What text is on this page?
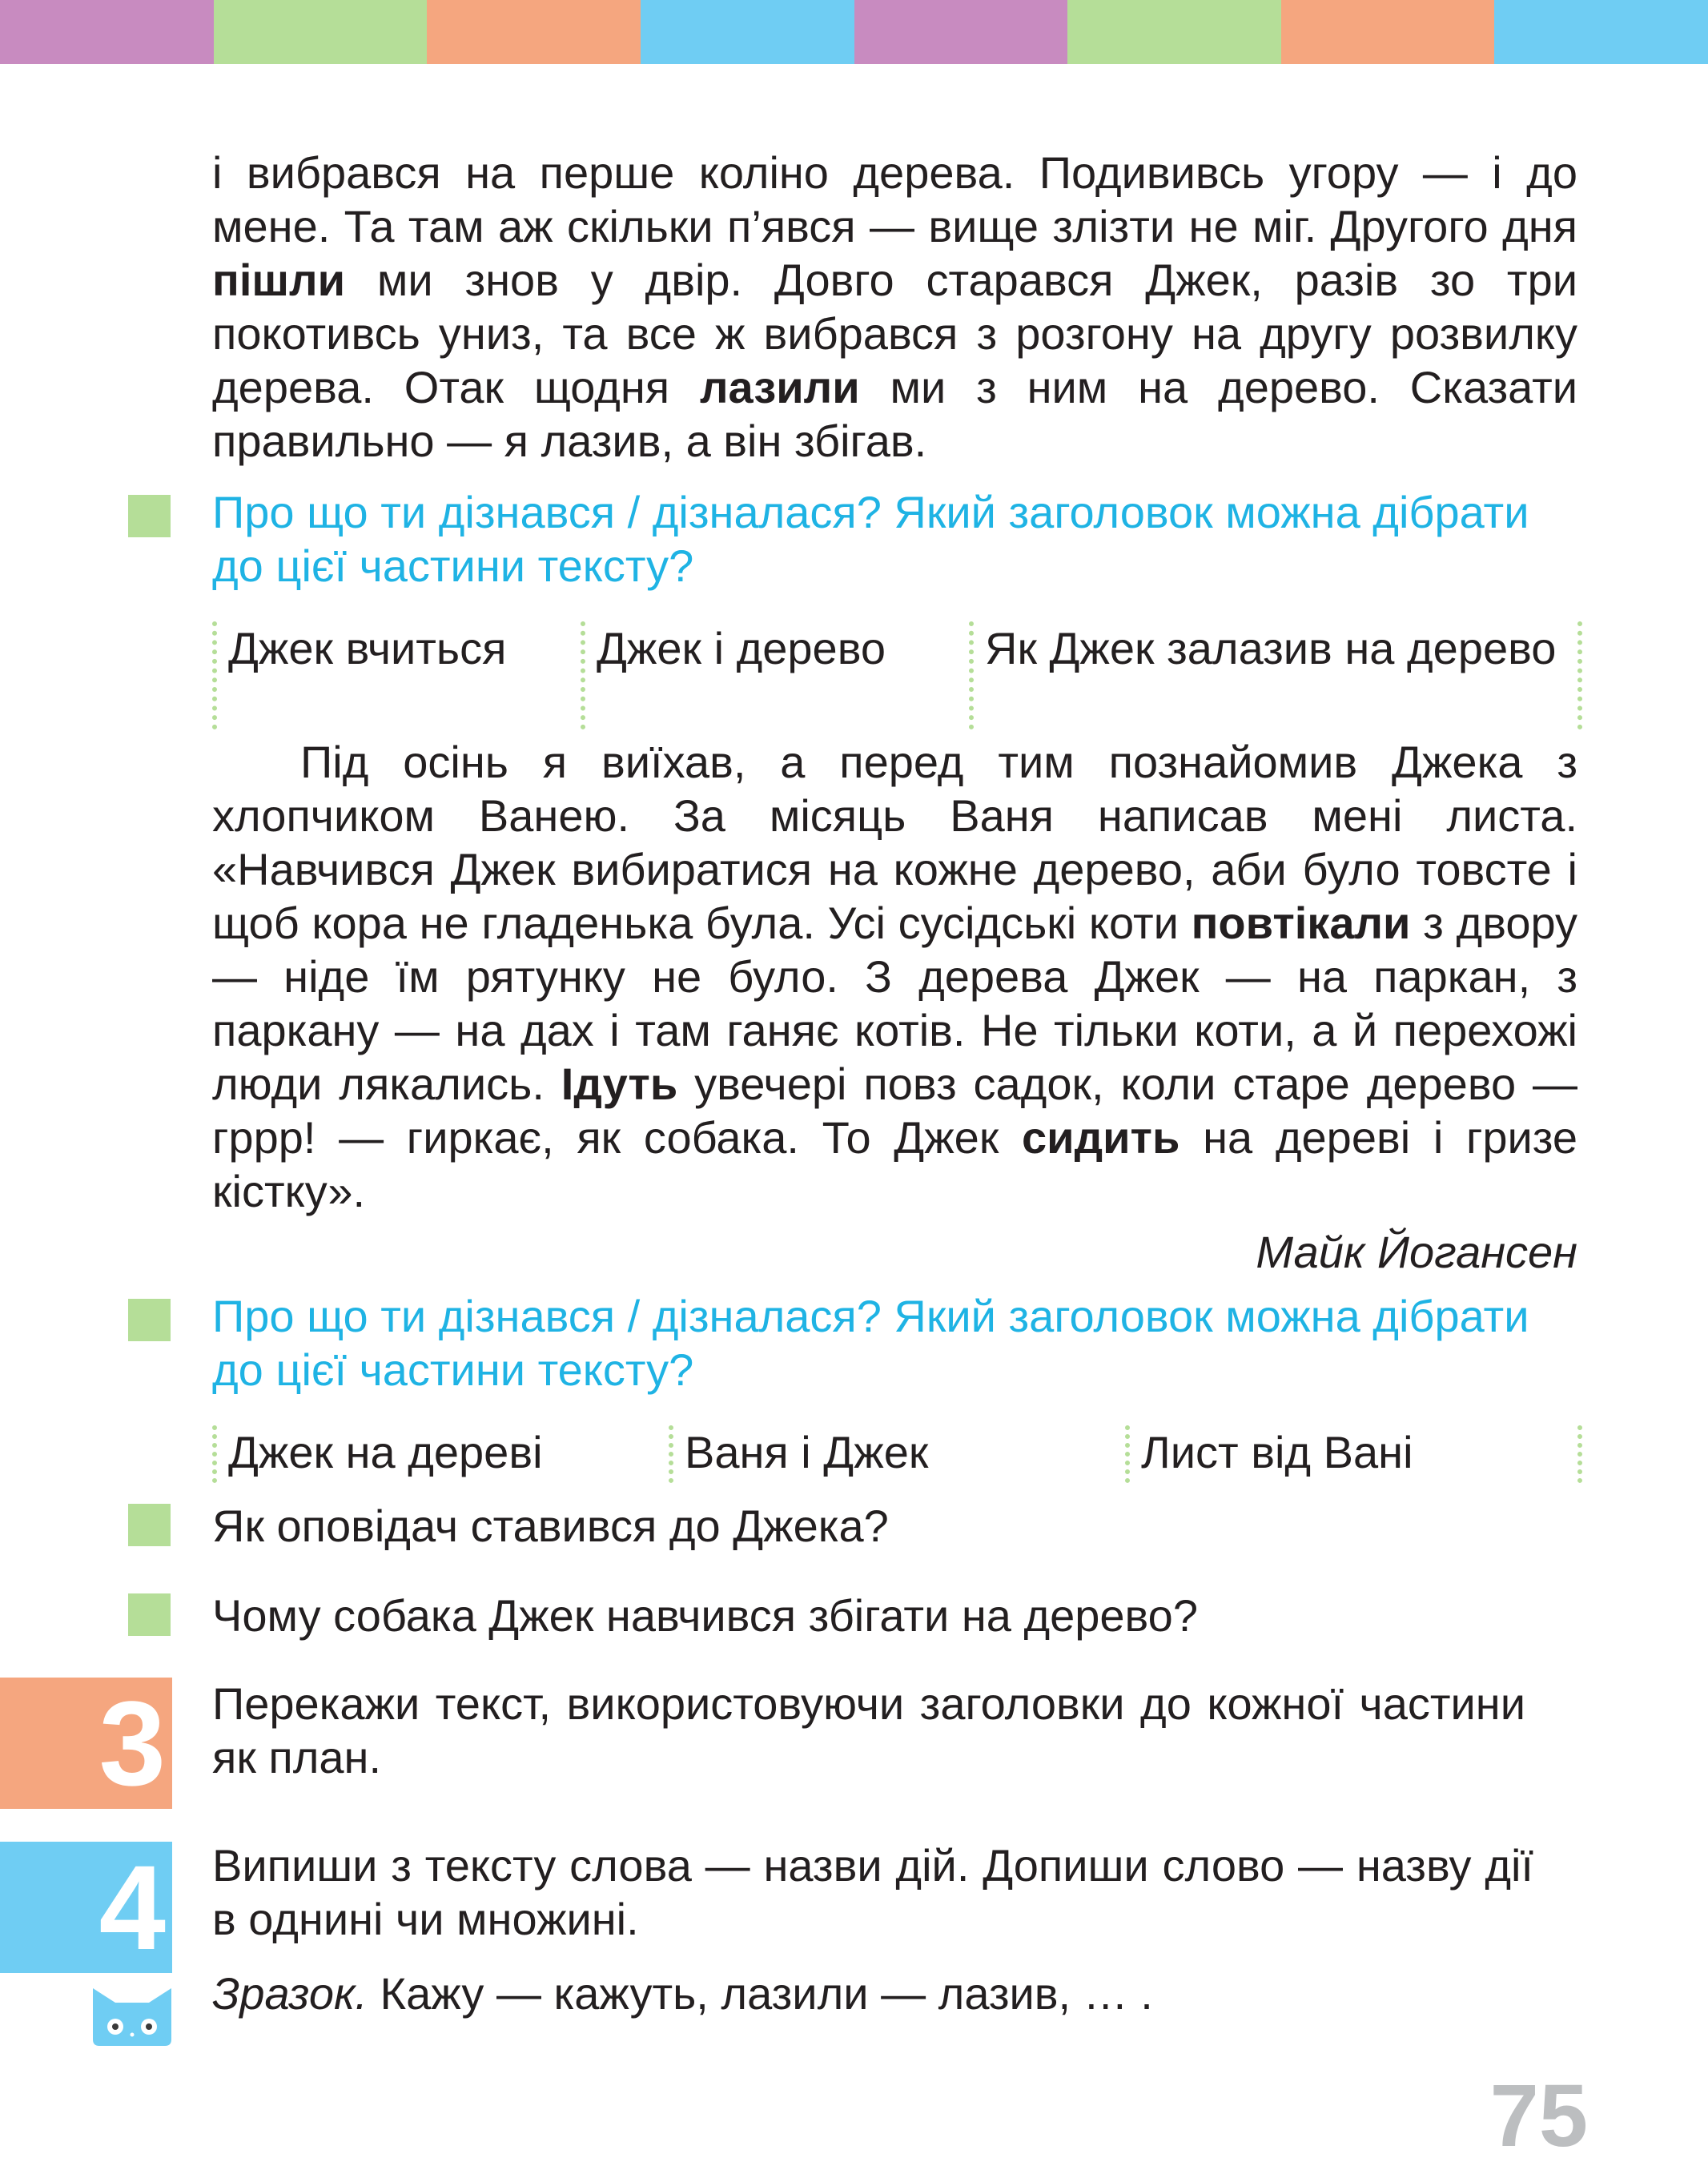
і вибрався на перше коліно дерева. Подививсь угору — і до мене. Та там аж скільки п’явся — вище злізти не міг. Другого дня пішли ми знов у двір. Довго старався Джек, разів зо три покотивсь униз, та все ж вибрався з розгону на другу розвилку дерева. Отак щодня лазили ми з ним на дерево. Сказати правильно — я лазив, а він збігав.

Про що ти дізнався / дізналася? Який заголовок можна дібрати до цієї частини тексту?

Джек вчиться	Джек і дерево	Як Джек залазив на дерево

Під осінь я виїхав, а перед тим познайомив Джека з хлопчиком Ванею. За місяць Ваня написав мені листа. «Навчився Джек вибиратися на кожне дерево, аби було товсте і щоб кора не гладенька була. Усі сусідські коти повтікали з двору — ніде їм рятунку не було. З дерева Джек — на паркан, з паркану — на дах і там ганяє котів. Не тільки коти, а й перехожі люди лякались. Ідуть увечері повз садок, коли старе дерево — гррр! — гиркає, як собака. То Джек сидить на дереві і гризе кістку».

Майк Йогансен

Про що ти дізнався / дізналася? Який заголовок можна дібрати до цієї частини тексту?

Джек на дереві	Ваня і Джек	Лист від Вані

Як оповідач ставився до Джека?

Чому собака Джек навчився збігати на дерево?

3 Перекажи текст, використовуючи заголовки до кожної частини як план.

4 Випиши з тексту слова — назви дій. Допиши слово — назву дії в однині чи множині.

Зразок. Кажу — кажуть, лазили — лазив, … .

75
